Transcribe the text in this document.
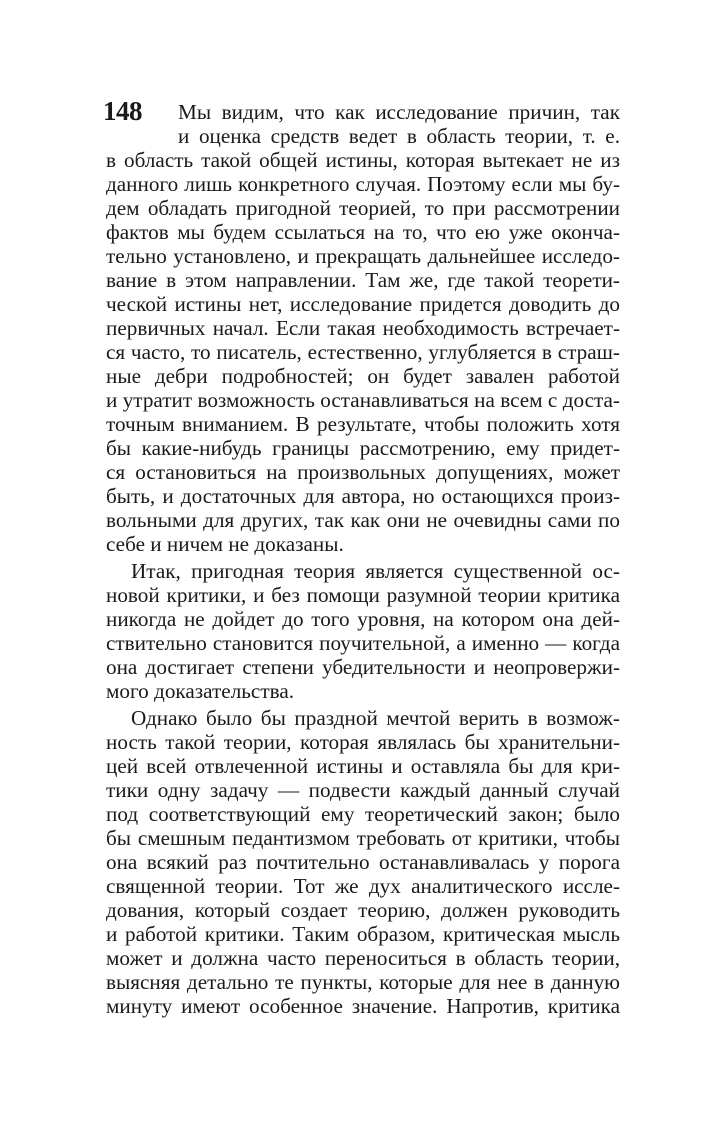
148 Мы видим, что как исследование причин, так
и оценка средств ведет в область теории, т. е.
в область такой общей истины, которая вытекает не из
данного лишь конкретного случая. Поэтому если мы бу-
дем обладать пригодной теорией, то при рассмотрении
фактов мы будем ссылаться на то, что ею уже оконча-
тельно установлено, и прекращать дальнейшее исследо-
вание в этом направлении. Там же, где такой теорети-
ческой истины нет, исследование придется доводить до
первичных начал. Если такая необходимость встречает-
ся часто, то писатель, естественно, углубляется в страш-
ные дебри подробностей; он будет завален работой
и утратит возможность останавливаться на всем с доста-
точным вниманием. В результате, чтобы положить хотя
бы какие-нибудь границы рассмотрению, ему придет-
ся остановиться на произвольных допущениях, может
быть, и достаточных для автора, но остающихся произ-
вольными для других, так как они не очевидны сами по
себе и ничем не доказаны.
Итак, пригодная теория является существенной ос-
новой критики, и без помощи разумной теории критика
никогда не дойдет до того уровня, на котором она дей-
ствительно становится поучительной, а именно — когда
она достигает степени убедительности и неопровержи-
мого доказательства.
Однако было бы праздной мечтой верить в возмож-
ность такой теории, которая являлась бы хранительни-
цей всей отвлеченной истины и оставляла бы для кри-
тики одну задачу — подвести каждый данный случай
под соответствующий ему теоретический закон; было
бы смешным педантизмом требовать от критики, чтобы
она всякий раз почтительно останавливалась у порога
священной теории. Тот же дух аналитического иссле-
дования, который создает теорию, должен руководить
и работой критики. Таким образом, критическая мысль
может и должна часто переноситься в область теории,
выясняя детально те пункты, которые для нее в данную
минуту имеют особенное значение. Напротив, критика
